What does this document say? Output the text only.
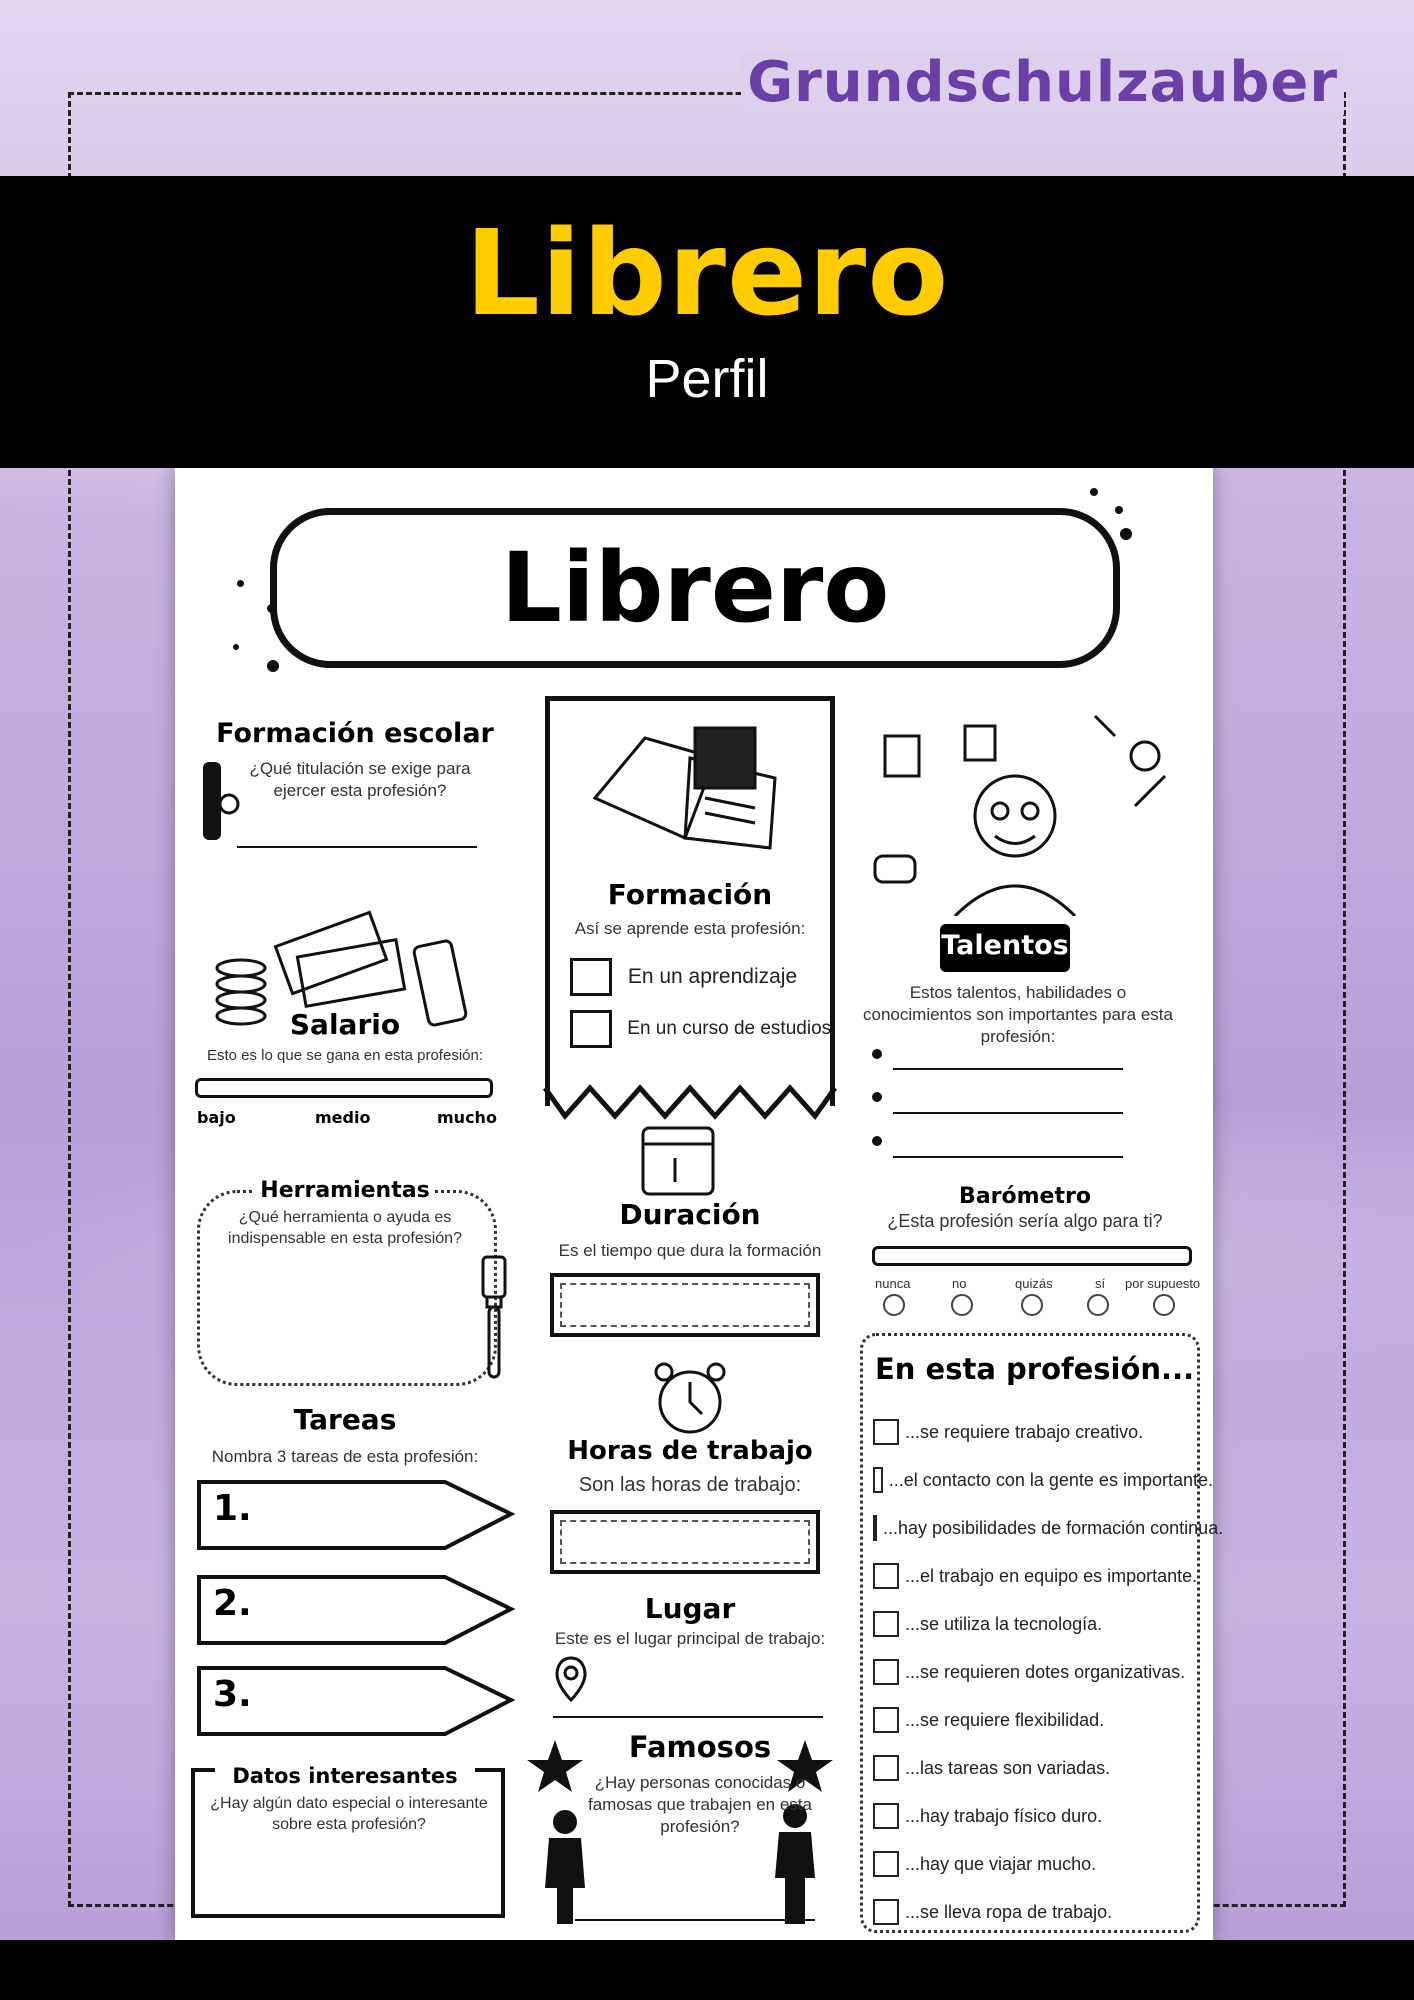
Grundschulzauber
Librero
Perfil
Librero
Formación escolar
¿Qué titulación se exige para ejercer esta profesión?
Salario
Esto es lo que se gana en esta profesión:
bajo	medio	mucho
Formación
Así se aprende esta profesión:
En un aprendizaje
En un curso de estudios
Talentos
Estos talentos, habilidades o conocimientos son importantes para esta profesión:
Herramientas
¿Qué herramienta o ayuda es indispensable en esta profesión?
Duración
Es el tiempo que dura la formación
Barómetro
¿Esta profesión sería algo para ti?
nunca	no	quizás	sí por supuesto
En esta profesión...
...se requiere trabajo creativo.
...el contacto con la gente es importante.
...hay posibilidades de formación continua.
...el trabajo en equipo es importante.
...se utiliza la tecnología.
...se requieren dotes organizativas.
...se requiere flexibilidad.
...las tareas son variadas.
...hay trabajo físico duro.
...hay que viajar mucho.
...se lleva ropa de trabajo.
Tareas
Nombra 3 tareas de esta profesión:
1.
2.
3.
Horas de trabajo
Son las horas de trabajo:
Lugar
Este es el lugar principal de trabajo:
Datos interesantes
¿Hay algún dato especial o interesante sobre esta profesión?
Famosos
¿Hay personas conocidas o famosas que trabajen en esta profesión?
